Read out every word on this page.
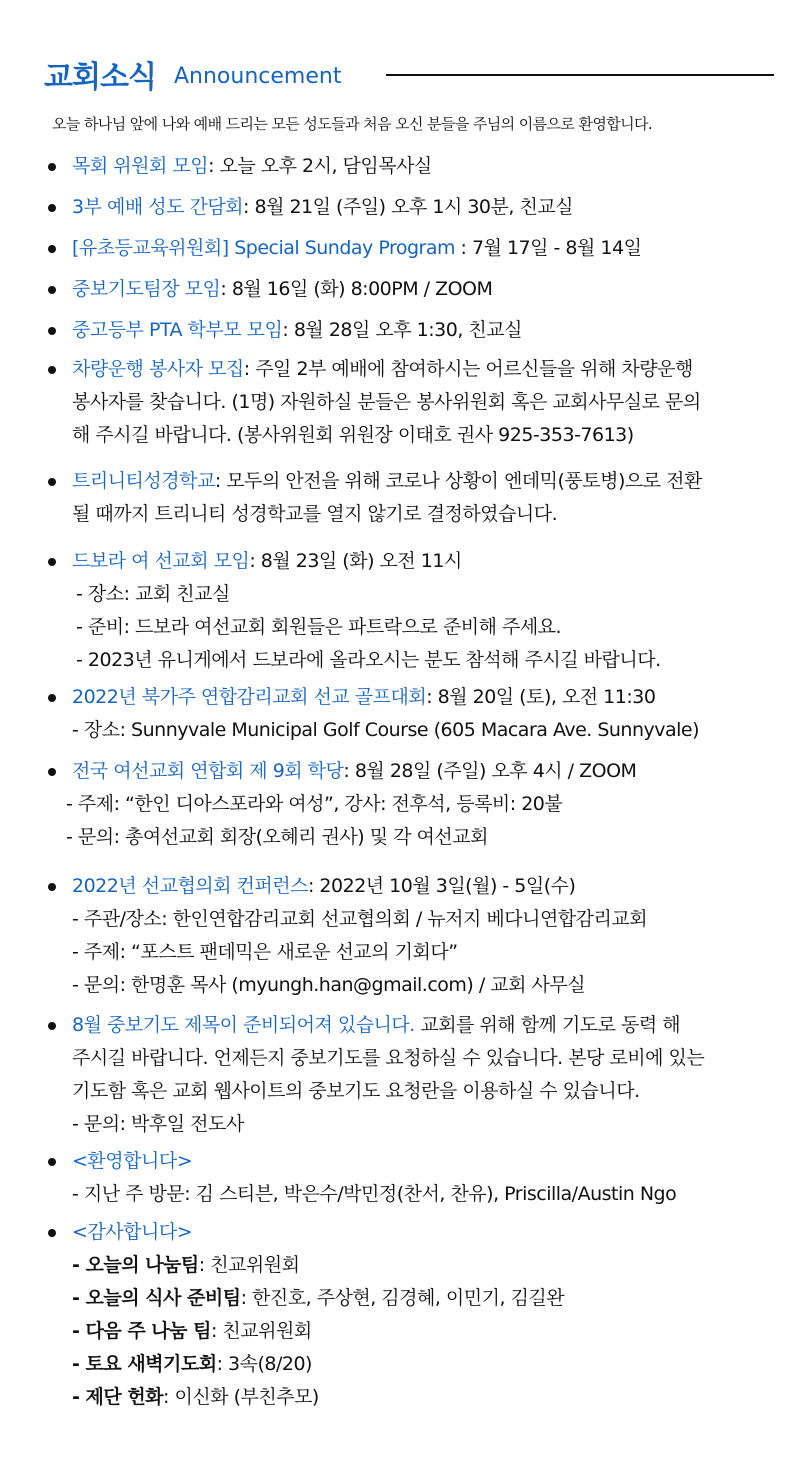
교회소식 Announcement
오늘 하나님 앞에 나와 예배 드리는 모든 성도들과 처음 오신 분들을 주님의 이름으로 환영합니다.
목회 위원회 모임: 오늘 오후 2시, 담임목사실
3부 예배 성도 간담회: 8월 21일 (주일) 오후 1시 30분, 친교실
[유초등교육위원회] Special Sunday Program : 7월 17일 - 8월 14일
중보기도팀장 모임: 8월 16일 (화) 8:00PM / ZOOM
중고등부 PTA 학부모 모임: 8월 28일 오후 1:30, 친교실
차량운행 봉사자 모집: 주일 2부 예배에 참여하시는 어르신들을 위해 차량운행
봉사자를 찾습니다. (1명) 자원하실 분들은 봉사위원회 혹은 교회사무실로 문의
해 주시길 바랍니다. (봉사위원회 위원장 이태호 권사 925-353-7613)
트리니티성경학교: 모두의 안전을 위해 코로나 상황이 엔데믹(풍토병)으로 전환
될 때까지 트리니티 성경학교를 열지 않기로 결정하였습니다.
드보라 여 선교회 모임: 8월 23일 (화) 오전 11시
- 장소: 교회 친교실
- 준비: 드보라 여선교회 회원들은 파트락으로 준비해 주세요.
- 2023년 유니게에서 드보라에 올라오시는 분도 참석해 주시길 바랍니다.
2022년 북가주 연합감리교회 선교 골프대회: 8월 20일 (토), 오전 11:30
- 장소: Sunnyvale Municipal Golf Course (605 Macara Ave. Sunnyvale)
전국 여선교회 연합회 제 9회 학당: 8월 28일 (주일) 오후 4시 / ZOOM
- 주제: “한인 디아스포라와 여성”, 강사: 전후석, 등록비: 20불
- 문의: 총여선교회 회장(오혜리 권사) 및 각 여선교회
2022년 선교협의회 컨퍼런스: 2022년 10월 3일(월) - 5일(수)
- 주관/장소: 한인연합감리교회 선교협의회 / 뉴저지 베다니연합감리교회
- 주제: “포스트 팬데믹은 새로운 선교의 기회다”
- 문의: 한명훈 목사 (myungh.han@gmail.com) / 교회 사무실
8월 중보기도 제목이 준비되어져 있습니다. 교회를 위해 함께 기도로 동력 해
주시길 바랍니다. 언제든지 중보기도를 요청하실 수 있습니다. 본당 로비에 있는
기도함 혹은 교회 웹사이트의 중보기도 요청란을 이용하실 수 있습니다.
- 문의: 박후일 전도사
<환영합니다>
- 지난 주 방문: 김 스티븐, 박은수/박민정(찬서, 찬유), Priscilla/Austin Ngo
<감사합니다>
- 오늘의 나눔팀: 친교위원회
- 오늘의 식사 준비팀: 한진호, 주상현, 김경혜, 이민기, 김길완
- 다음 주 나눔 팀: 친교위원회
- 토요 새벽기도회: 3속(8/20)
- 제단 헌화: 이신화 (부친추모)
